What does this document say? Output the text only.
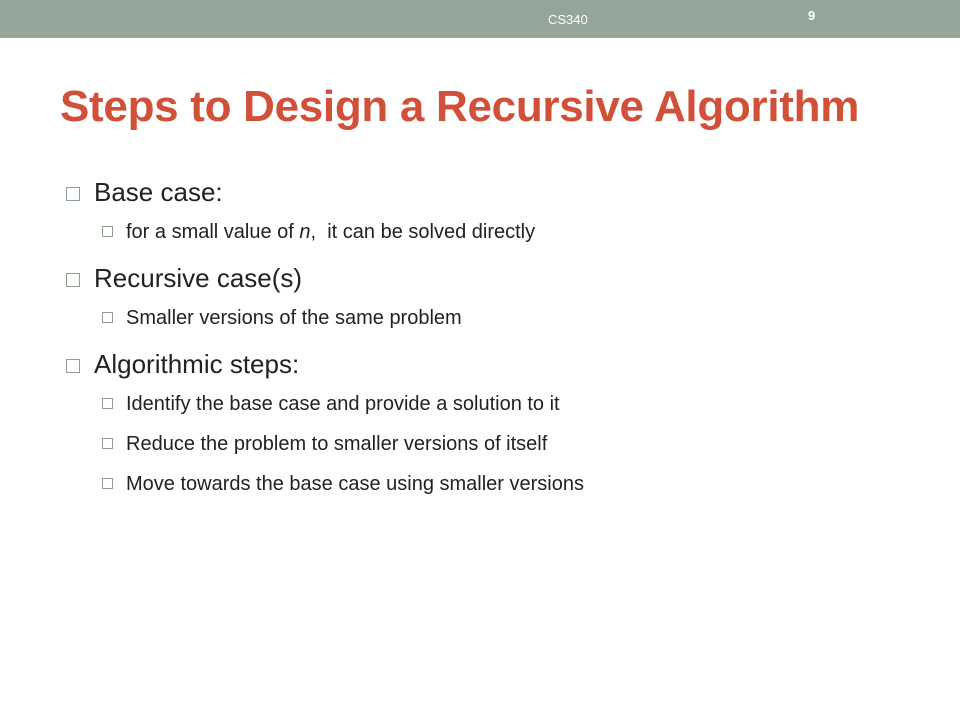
CS340	9
Steps to Design a Recursive Algorithm
Base case:
for a small value of n,  it can be solved directly
Recursive case(s)
Smaller versions of the same problem
Algorithmic steps:
Identify the base case and provide a solution to it
Reduce the problem to smaller versions of itself
Move towards the base case using smaller versions
